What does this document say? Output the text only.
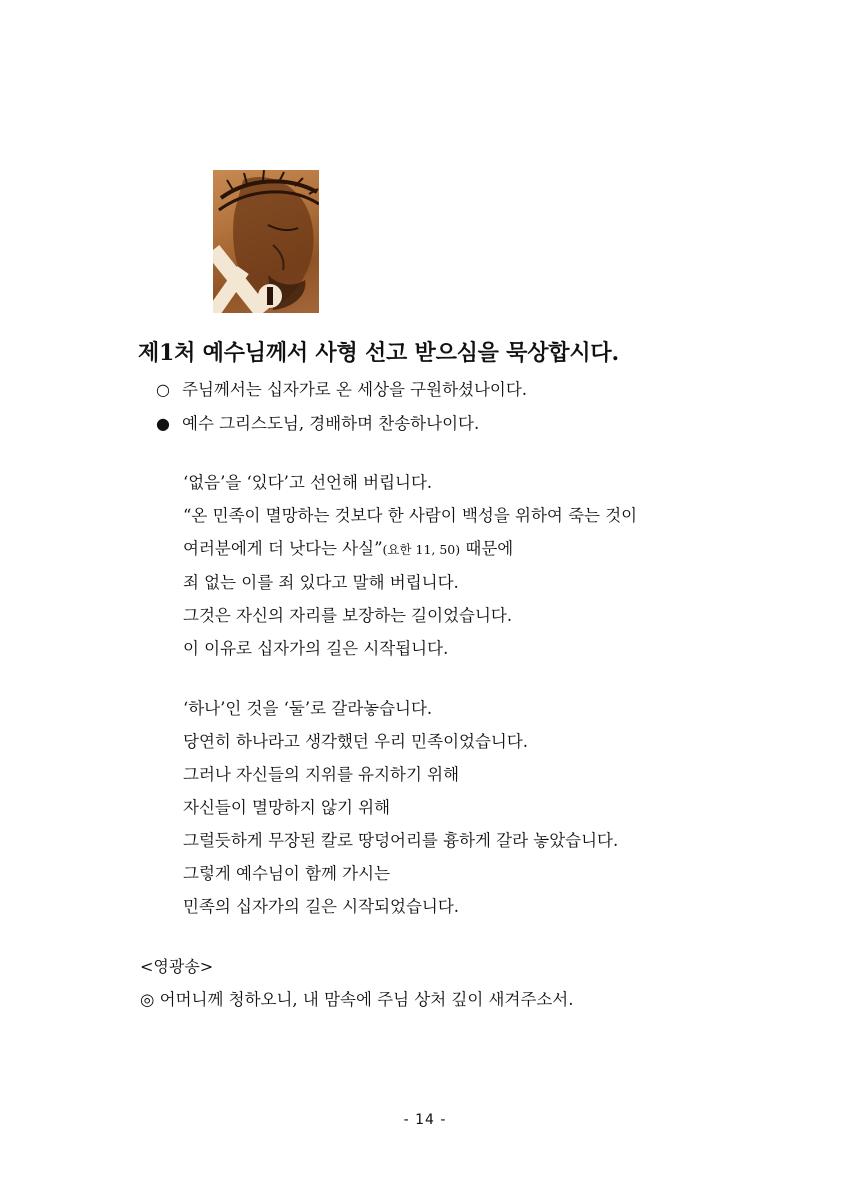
제1처 예수님께서 사형 선고 받으심을 묵상합시다.
○ 주님께서는 십자가로 온 세상을 구원하셨나이다.
● 예수 그리스도님, 경배하며 찬송하나이다.
‘없음’을 ‘있다’고 선언해 버립니다.
“온 민족이 멸망하는 것보다 한 사람이 백성을 위하여 죽는 것이
여러분에게 더 낫다는 사실”(요한 11, 50) 때문에
죄 없는 이를 죄 있다고 말해 버립니다.
그것은 자신의 자리를 보장하는 길이었습니다.
이 이유로 십자가의 길은 시작됩니다.
‘하나’인 것을 ‘둘’로 갈라놓습니다.
당연히 하나라고 생각했던 우리 민족이었습니다.
그러나 자신들의 지위를 유지하기 위해
자신들이 멸망하지 않기 위해
그럴듯하게 무장된 칼로 땅덩어리를 흉하게 갈라 놓았습니다.
그렇게 예수님이 함께 가시는
민족의 십자가의 길은 시작되었습니다.
<영광송>
◎ 어머니께 청하오니, 내 맘속에 주님 상처 깊이 새겨주소서.
- 14 -
